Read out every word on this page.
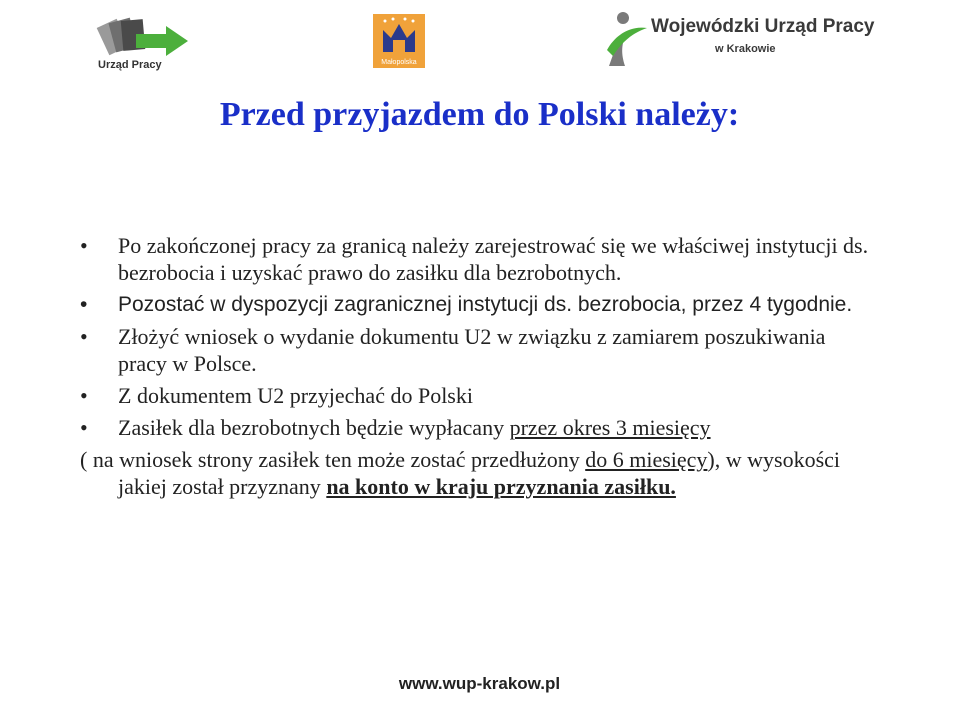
Urząd Pracy	Małopolska
Wojewódzki Urząd Pracy
w Krakowie
Przed przyjazdem do Polski należy:
• Po zakończonej pracy za granicą należy zarejestrować się we właściwej instytucji ds. bezrobocia i uzyskać prawo do zasiłku dla bezrobotnych.
• Pozostać w dyspozycji zagranicznej instytucji ds. bezrobocia, przez 4 tygodnie.
• Złożyć wniosek o wydanie dokumentu U2 w związku z zamiarem poszukiwania pracy w Polsce.
• Z dokumentem U2 przyjechać do Polski
• Zasiłek dla bezrobotnych będzie wypłacany przez okres 3 miesięcy
( na wniosek strony zasiłek ten może zostać przedłużony do 6 miesięcy), w wysokości jakiej został przyznany na konto w kraju przyznania zasiłku.
www.wup-krakow.pl
